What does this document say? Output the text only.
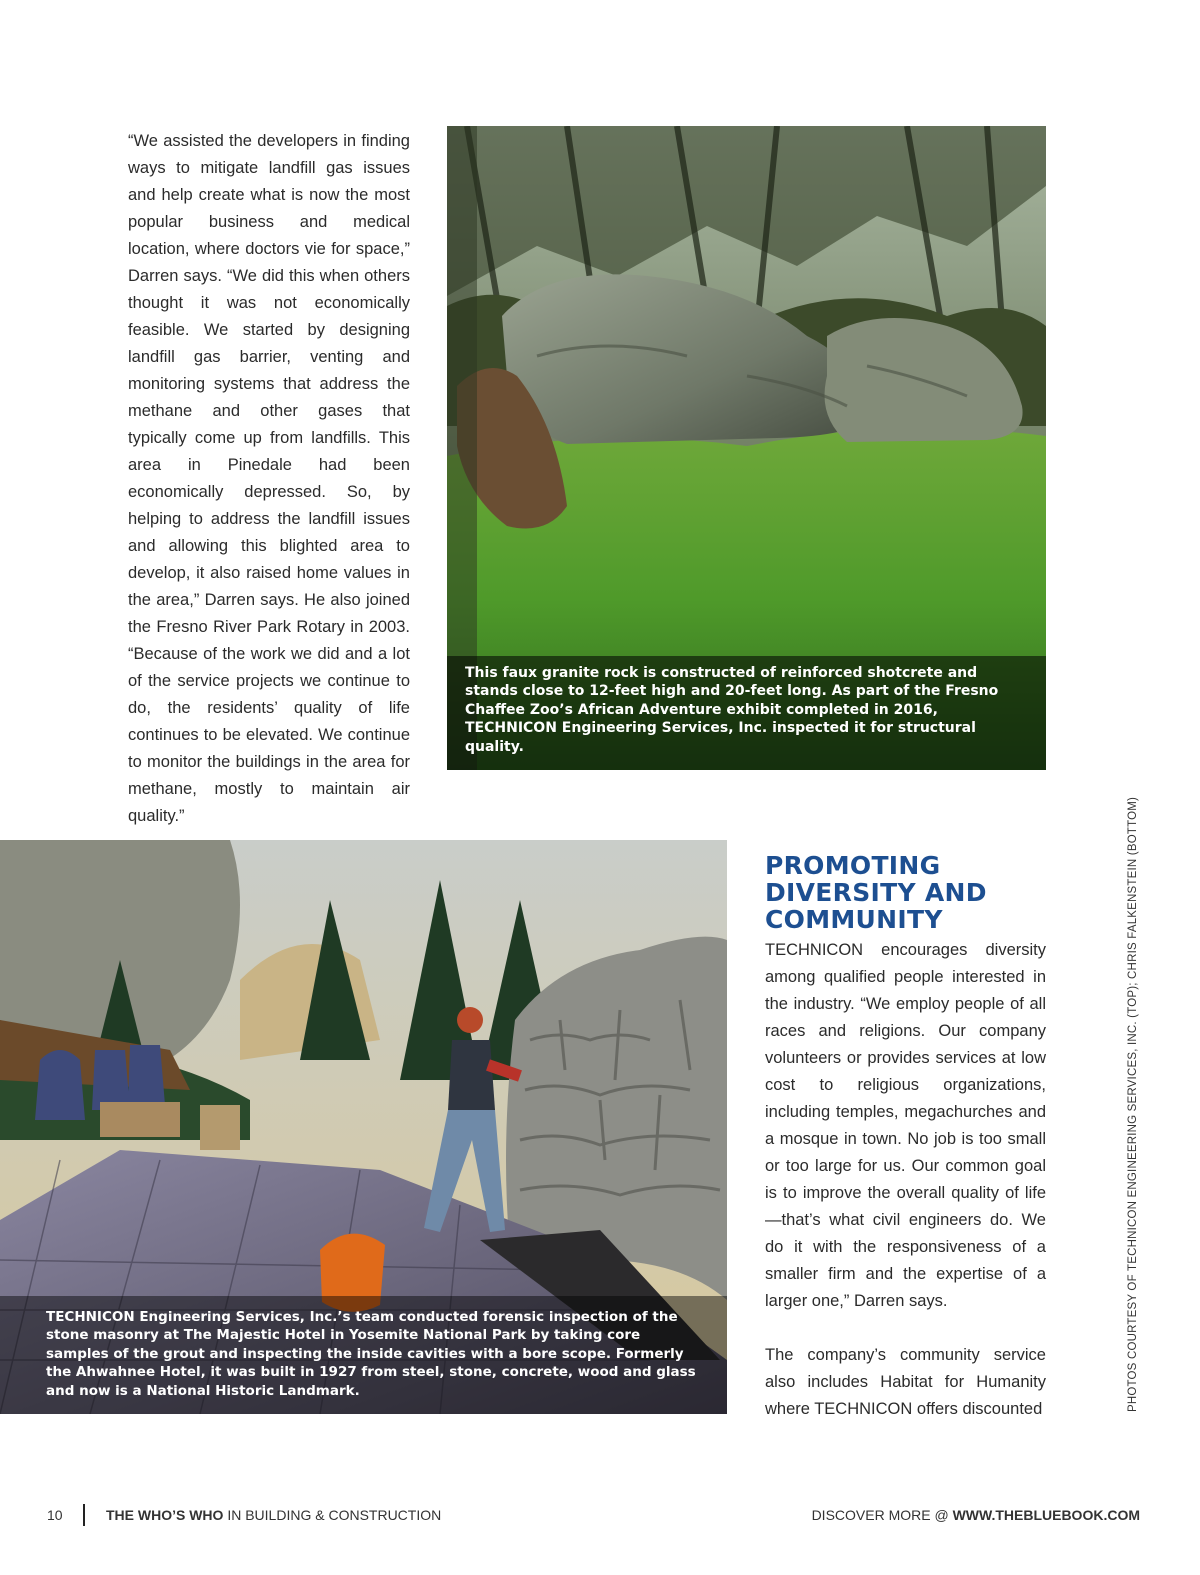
“We assisted the developers in finding ways to mitigate landfill gas issues and help create what is now the most popular business and medical location, where doctors vie for space,” Darren says. “We did this when others thought it was not economically feasible. We started by designing landfill gas barrier, venting and monitoring systems that address the methane and other gases that typically come up from landfills. This area in Pinedale had been economically depressed. So, by helping to address the landfill issues and allowing this blighted area to develop, it also raised home values in the area,” Darren says. He also joined the Fresno River Park Rotary in 2003. “Because of the work we did and a lot of the service projects we continue to do, the residents’ quality of life continues to be elevated. We continue to monitor the buildings in the area for methane, mostly to maintain air quality.”

This faux granite rock is constructed of reinforced shotcrete and stands close to 12-feet high and 20-feet long. As part of the Fresno Chaffee Zoo’s African Adventure exhibit completed in 2016, TECHNICON Engineering Services, Inc. inspected it for structural quality.
TECHNICON Engineering Services, Inc.’s team conducted forensic inspection of the stone masonry at The Majestic Hotel in Yosemite National Park by taking core samples of the grout and inspecting the inside cavities with a bore scope. Formerly the Ahwahnee Hotel, it was built in 1927 from steel, stone, concrete, wood and glass and now is a National Historic Landmark.
PROMOTING DIVERSITY AND COMMUNITY

TECHNICON encourages diversity among qualified people interested in the industry. “We employ people of all races and religions. Our company volunteers or provides services at low cost to religious organizations, including temples, megachurches and a mosque in town. No job is too small or too large for us. Our common goal is to improve the overall quality of life—that’s what civil engineers do. We do it with the responsiveness of a smaller firm and the expertise of a larger one,” Darren says.

The company’s community service also includes Habitat for Humanity where TECHNICON offers discounted	PHOTOS COURTESY OF TECHNICON ENGINEERING SERVICES, INC. (TOP); CHRIS FALKENSTEIN (BOTTOM)
10	THE WHO’S WHO IN BUILDING & CONSTRUCTION	DISCOVER MORE @ WWW.THEBLUEBOOK.COM
